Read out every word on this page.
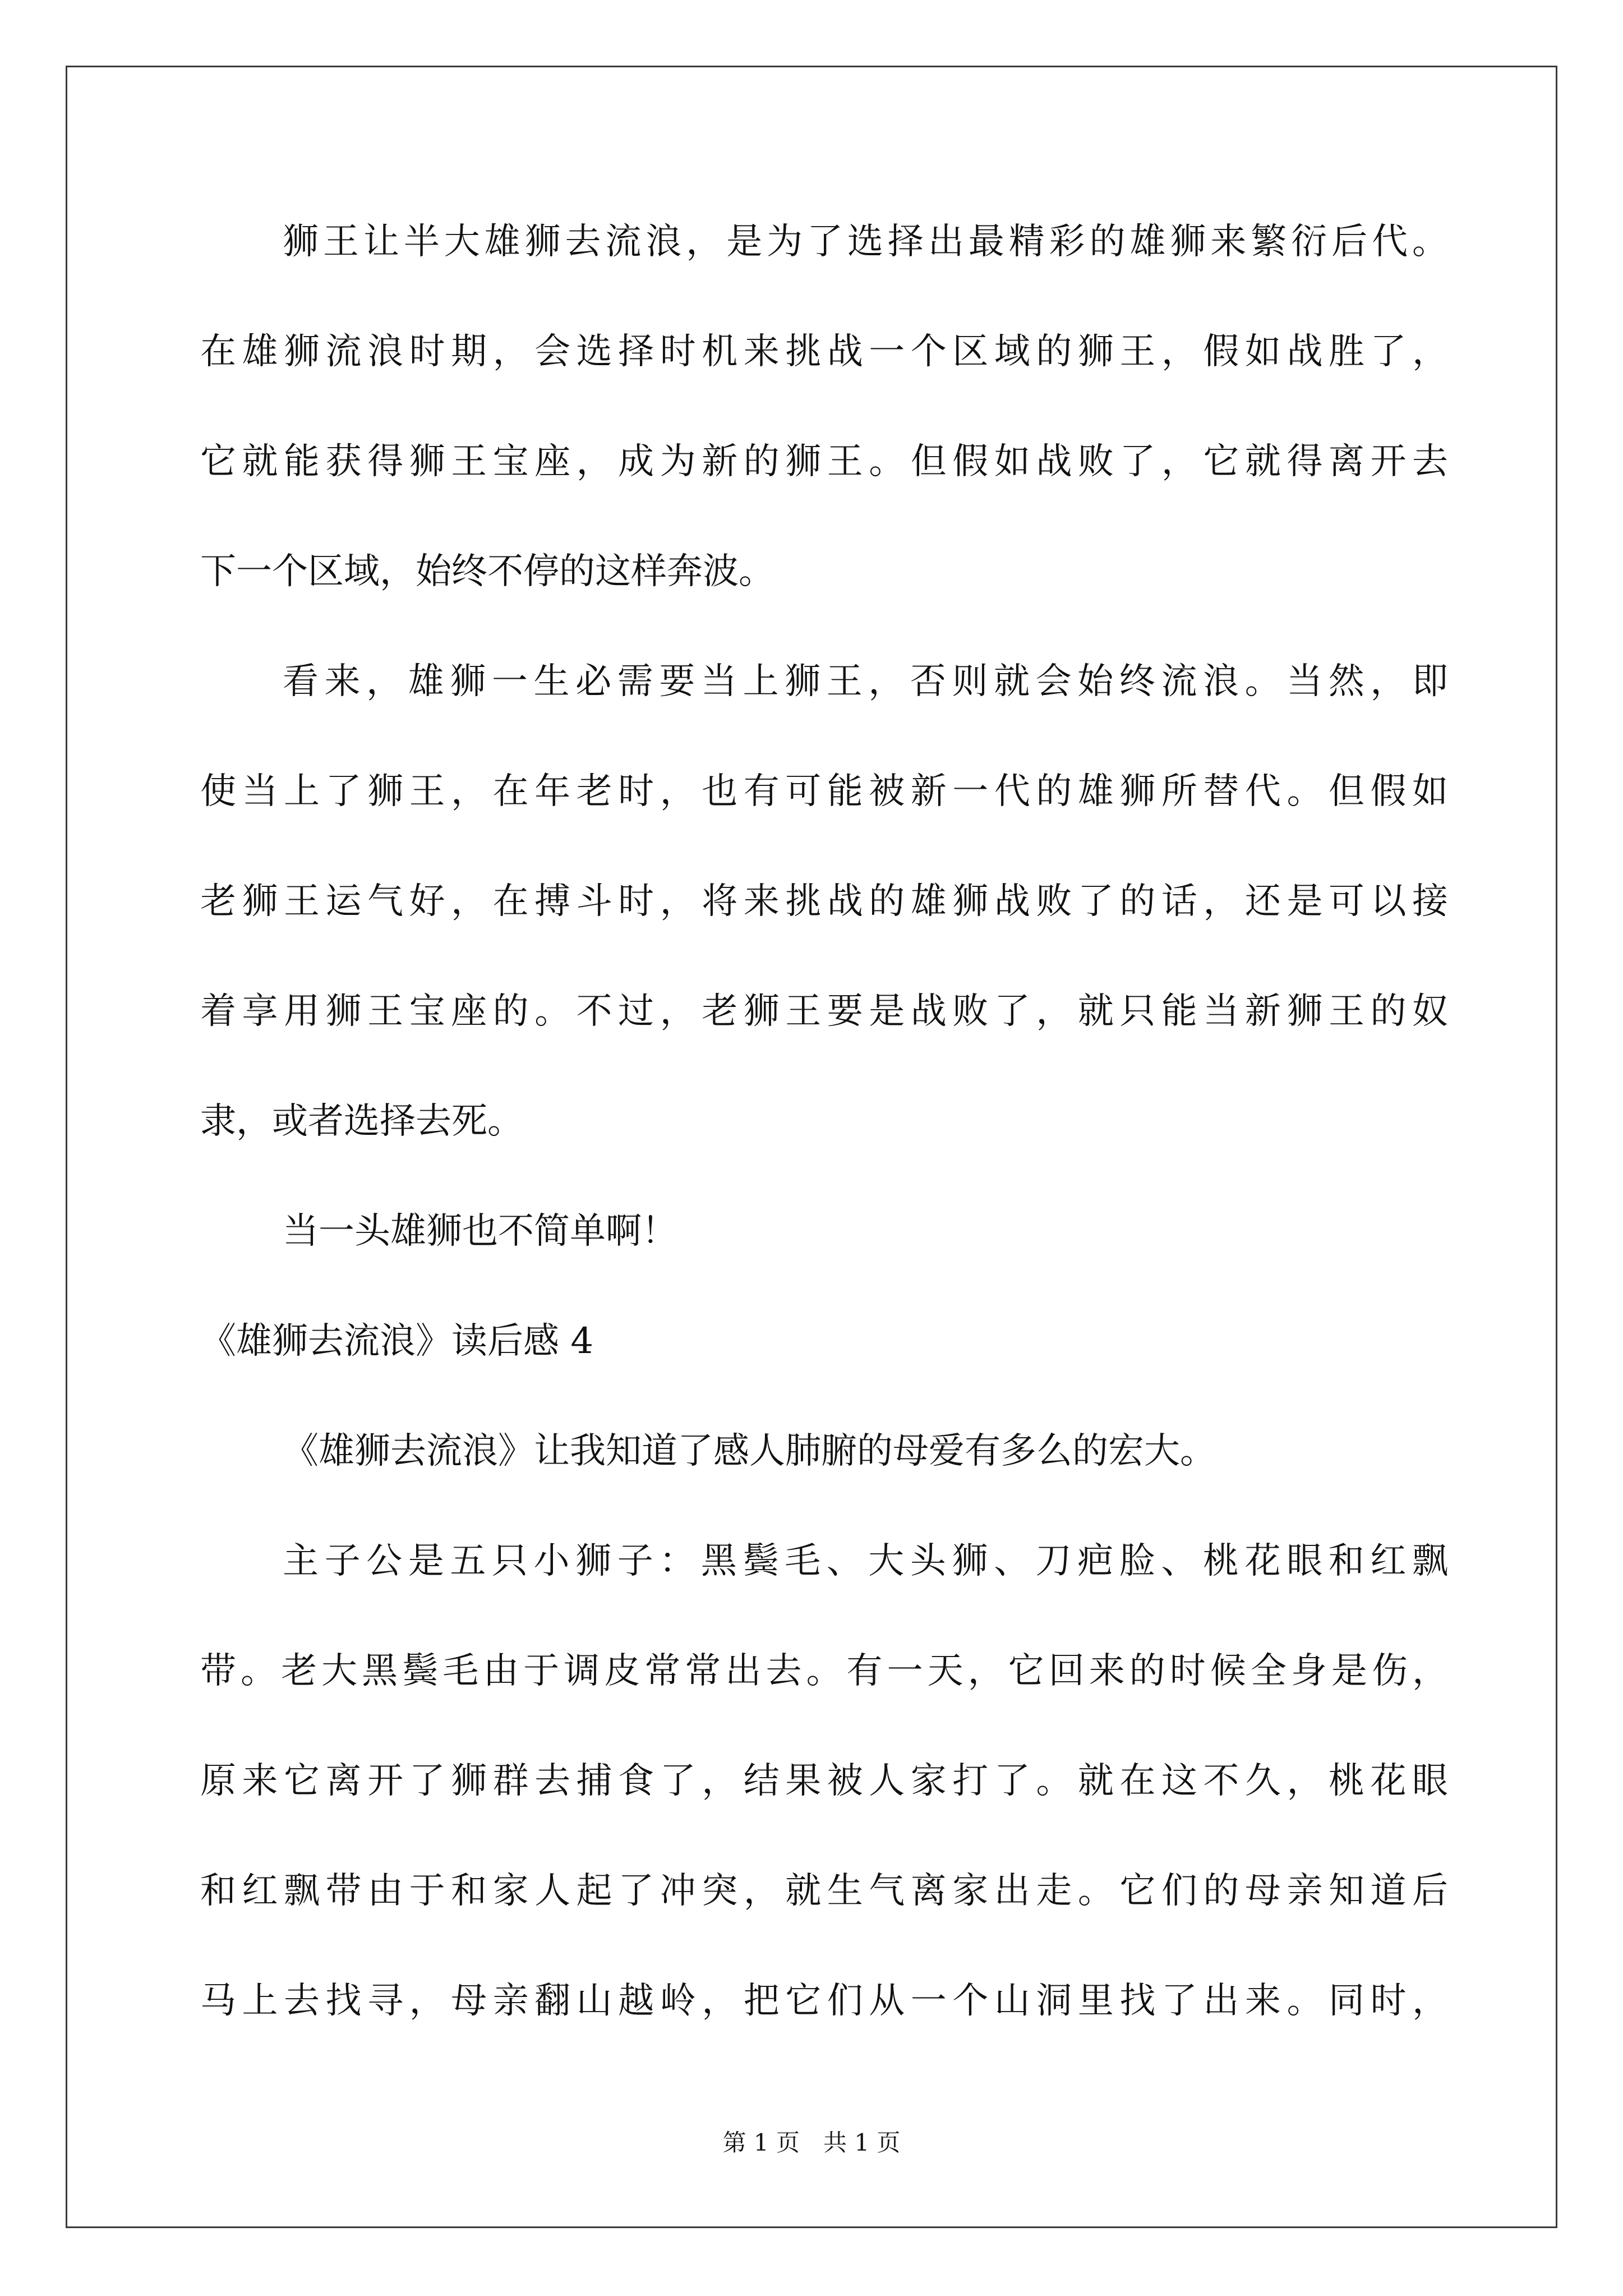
狮王让半大雄狮去流浪，是为了选择出最精彩的雄狮来繁衍后代。
在雄狮流浪时期，会选择时机来挑战一个区域的狮王，假如战胜了，
它就能获得狮王宝座，成为新的狮王。但假如战败了，它就得离开去
下一个区域，始终不停的这样奔波。
看来，雄狮一生必需要当上狮王，否则就会始终流浪。当然，即
使当上了狮王，在年老时，也有可能被新一代的雄狮所替代。但假如
老狮王运气好，在搏斗时，将来挑战的雄狮战败了的话，还是可以接
着享用狮王宝座的。不过，老狮王要是战败了，就只能当新狮王的奴
隶，或者选择去死。
当一头雄狮也不简单啊！
《雄狮去流浪》读后感 4
《雄狮去流浪》让我知道了感人肺腑的母爱有多么的宏大。
主子公是五只小狮子：黑鬓毛、大头狮、刀疤脸、桃花眼和红飘
带。老大黑鬓毛由于调皮常常出去。有一天，它回来的时候全身是伤，
原来它离开了狮群去捕食了，结果被人家打了。就在这不久，桃花眼
和红飘带由于和家人起了冲突，就生气离家出走。它们的母亲知道后
马上去找寻，母亲翻山越岭，把它们从一个山洞里找了出来。同时，
第 1 页　共 1 页
